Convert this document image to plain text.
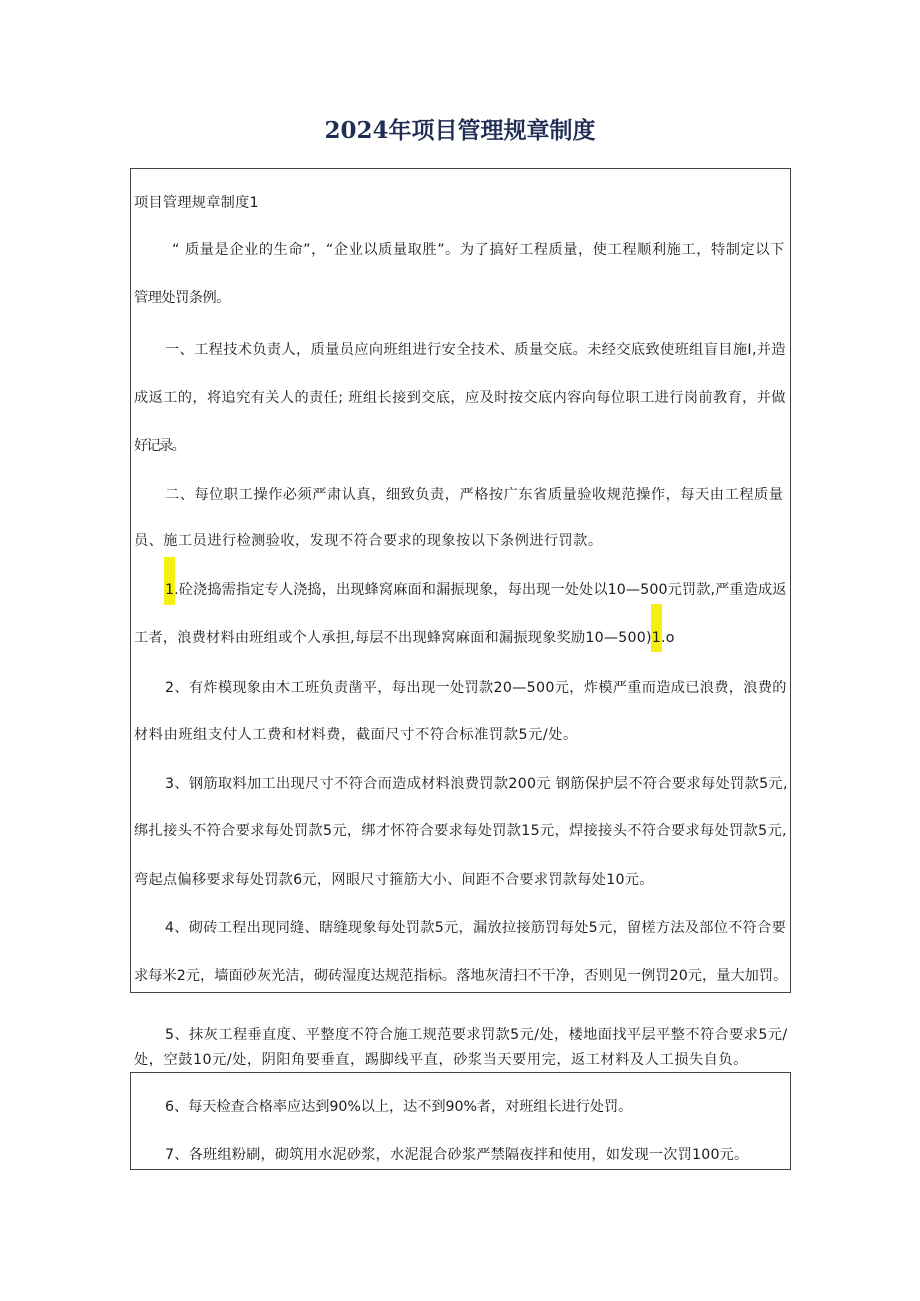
2024年项目管理规章制度
项目管理规章制度1
“ 质量是企业的生命”，“企业以质量取胜”。为了搞好工程质量，使工程顺利施工，特制定以下
管理处罚条例。
一、工程技术负责人，质量员应向班组进行安全技术、质量交底。未经交底致使班组盲目施I,并造
成返工的，将追究有关人的责任; 班组长接到交底，应及时按交底内容向每位职工进行岗前教育，并做
好记录。
二、每位职工操作必须严肃认真，细致负责，严格按广东省质量验收规范操作，每天由工程质量
员、施工员进行检测验收，发现不符合要求的现象按以下条例进行罚款。
1.砼浇捣需指定专人浇捣，出现蜂窝麻面和漏振现象，每出现一处处以10—500元罚款,严重造成返
工者，浪费材料由班组或个人承担,每层不出现蜂窝麻面和漏振现象奖励10—500)1.o
2、有炸模现象由木工班负责凿平，每出现一处罚款20—500元，炸模严重而造成已浪费，浪费的
材料由班组支付人工费和材料费，截面尺寸不符合标准罚款5元/处。
3、钢筋取料加工出现尺寸不符合而造成材料浪费罚款200元 钢筋保护层不符合要求每处罚款5元,
绑扎接头不符合要求每处罚款5元，绑才怀符合要求每处罚款15元，焊接接头不符合要求每处罚款5元,
弯起点偏移要求每处罚款6元，网眼尺寸箍筋大小、间距不合要求罚款每处10元。
4、砌砖工程出现同缝、瞎缝现象每处罚款5元，漏放拉接筋罚每处5元，留槎方法及部位不符合要
求每米2元，墙面砂灰光洁，砌砖湿度达规范指标。落地灰清扫不干净，否则见一例罚20元，量大加罚。
5、抹灰工程垂直度、平整度不符合施工规范要求罚款5元/处，楼地面找平层平整不符合要求5元/
处，空鼓10元/处，阴阳角要垂直，踢脚线平直，砂浆当天要用完，返工材料及人工损失自负。
6、每天检查合格率应达到90%以上，达不到90%者，对班组长进行处罚。
7、各班组粉刷，砌筑用水泥砂浆，水泥混合砂浆严禁隔夜拌和使用，如发现一次罚100元。
